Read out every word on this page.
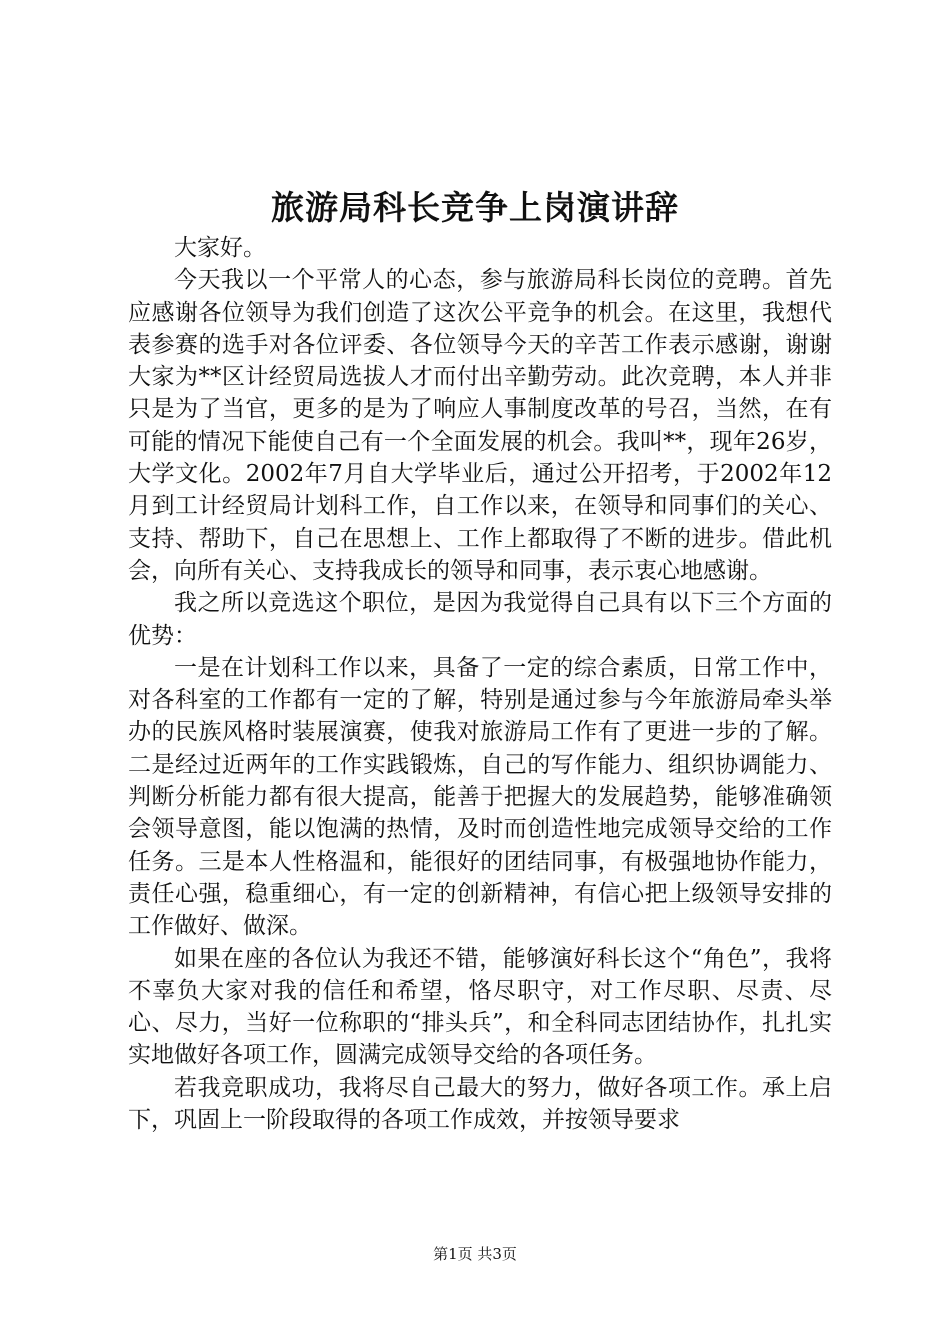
旅游局科长竞争上岗演讲辞

大家好。

今天我以一个平常人的心态，参与旅游局科长岗位的竞聘。首先应感谢各位领导为我们创造了这次公平竞争的机会。在这里，我想代表参赛的选手对各位评委、各位领导今天的辛苦工作表示感谢，谢谢大家为**区计经贸局选拔人才而付出辛勤劳动。此次竞聘，本人并非只是为了当官，更多的是为了响应人事制度改革的号召，当然，在有可能的情况下能使自己有一个全面发展的机会。我叫**，现年26岁，大学文化。2002年7月自大学毕业后，通过公开招考，于2002年12月到工计经贸局计划科工作，自工作以来，在领导和同事们的关心、支持、帮助下，自己在思想上、工作上都取得了不断的进步。借此机会，向所有关心、支持我成长的领导和同事，表示衷心地感谢。

我之所以竞选这个职位，是因为我觉得自己具有以下三个方面的优势：

一是在计划科工作以来，具备了一定的综合素质，日常工作中，对各科室的工作都有一定的了解，特别是通过参与今年旅游局牵头举办的民族风格时装展演赛，使我对旅游局工作有了更进一步的了解。二是经过近两年的工作实践锻炼，自己的写作能力、组织协调能力、判断分析能力都有很大提高，能善于把握大的发展趋势，能够准确领会领导意图，能以饱满的热情，及时而创造性地完成领导交给的工作任务。三是本人性格温和，能很好的团结同事，有极强地协作能力，责任心强，稳重细心，有一定的创新精神，有信心把上级领导安排的工作做好、做深。

如果在座的各位认为我还不错，能够演好科长这个“角色”，我将不辜负大家对我的信任和希望，恪尽职守，对工作尽职、尽责、尽心、尽力，当好一位称职的“排头兵”，和全科同志团结协作，扎扎实实地做好各项工作，圆满完成领导交给的各项任务。

若我竞职成功，我将尽自己最大的努力，做好各项工作。承上启下，巩固上一阶段取得的各项工作成效，并按领导要求

第1页 共3页
